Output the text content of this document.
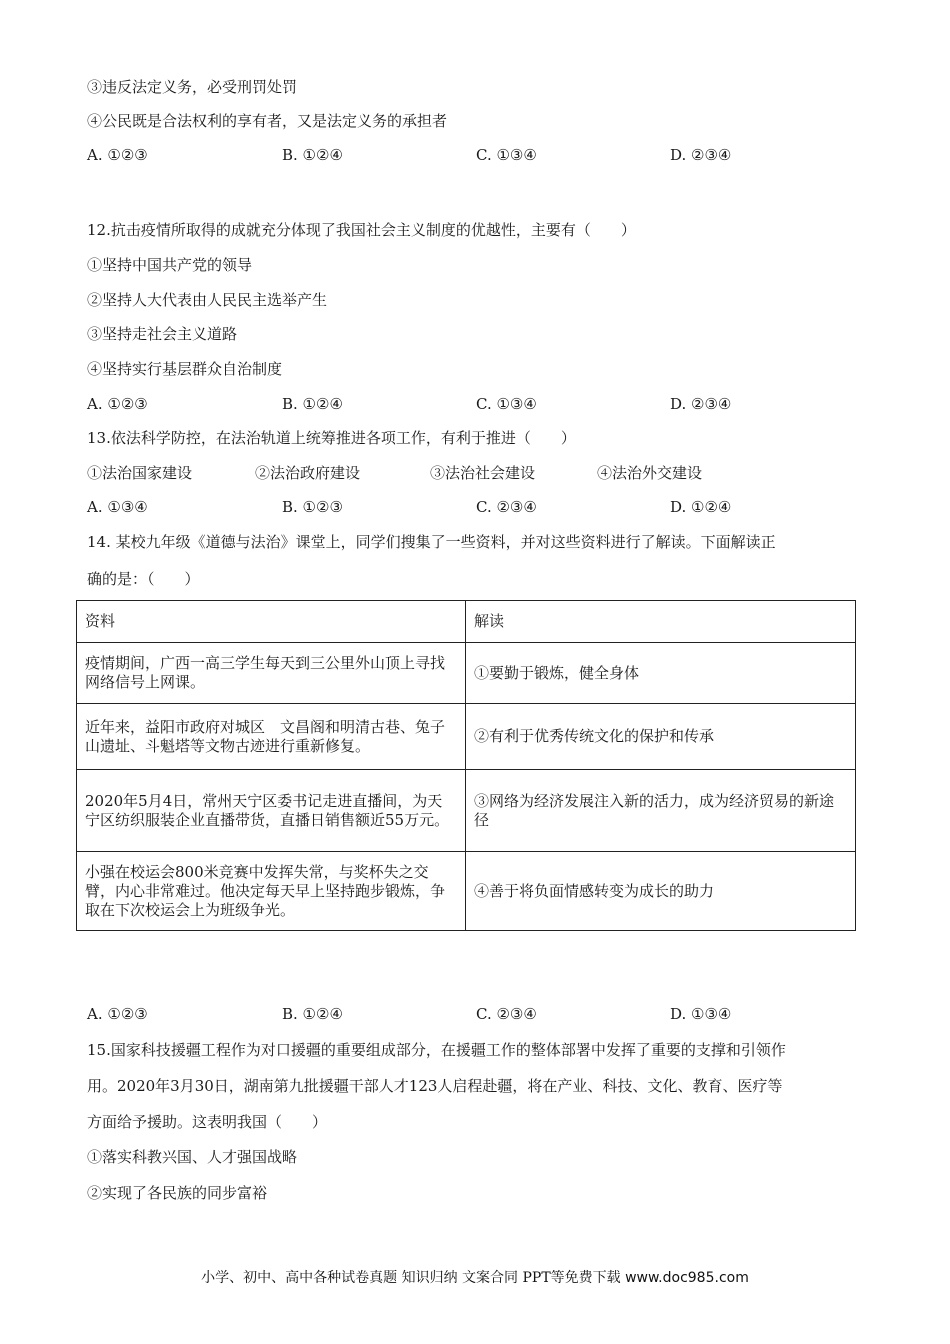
③违反法定义务，必受刑罚处罚
④公民既是合法权利的享有者，又是法定义务的承担者
A. ①②③	B. ①②④	C. ①③④	D. ②③④
12.抗击疫情所取得的成就充分体现了我国社会主义制度的优越性，主要有（　　）
①坚持中国共产党的领导
②坚持人大代表由人民民主选举产生
③坚持走社会主义道路
④坚持实行基层群众自治制度
A. ①②③	B. ①②④	C. ①③④	D. ②③④
13.依法科学防控，在法治轨道上统筹推进各项工作，有利于推进（　　）
①法治国家建设	②法治政府建设	③法治社会建设	④法治外交建设
A. ①③④	B. ①②③	C. ②③④	D. ①②④
14. 某校九年级《道德与法治》课堂上，同学们搜集了一些资料，并对这些资料进行了解读。下面解读正
确的是：（　　）
资料	解读
疫情期间，广西一高三学生每天到三公里外山顶上寻找网络信号上网课。	①要勤于锻炼，健全身体
近年来，益阳市政府对城区　文昌阁和明清古巷、兔子山遗址、斗魁塔等文物古迹进行重新修复。	②有利于优秀传统文化的保护和传承
2020年5月4日，常州天宁区委书记走进直播间，为天宁区纺织服装企业直播带货，直播日销售额近55万元。	③网络为经济发展注入新的活力，成为经济贸易的新途径
小强在校运会800米竞赛中发挥失常，与奖杯失之交臂，内心非常难过。他决定每天早上坚持跑步锻炼，争取在下次校运会上为班级争光。	④善于将负面情感转变为成长的助力
A. ①②③	B. ①②④	C. ②③④	D. ①③④
15.国家科技援疆工程作为对口援疆的重要组成部分，在援疆工作的整体部署中发挥了重要的支撑和引领作
用。2020年3月30日，湖南第九批援疆干部人才123人启程赴疆，将在产业、科技、文化、教育、医疗等
方面给予援助。这表明我国（　　）
①落实科教兴国、人才强国战略
②实现了各民族的同步富裕
小学、初中、高中各种试卷真题 知识归纳 文案合同 PPT等免费下载 www.doc985.com
